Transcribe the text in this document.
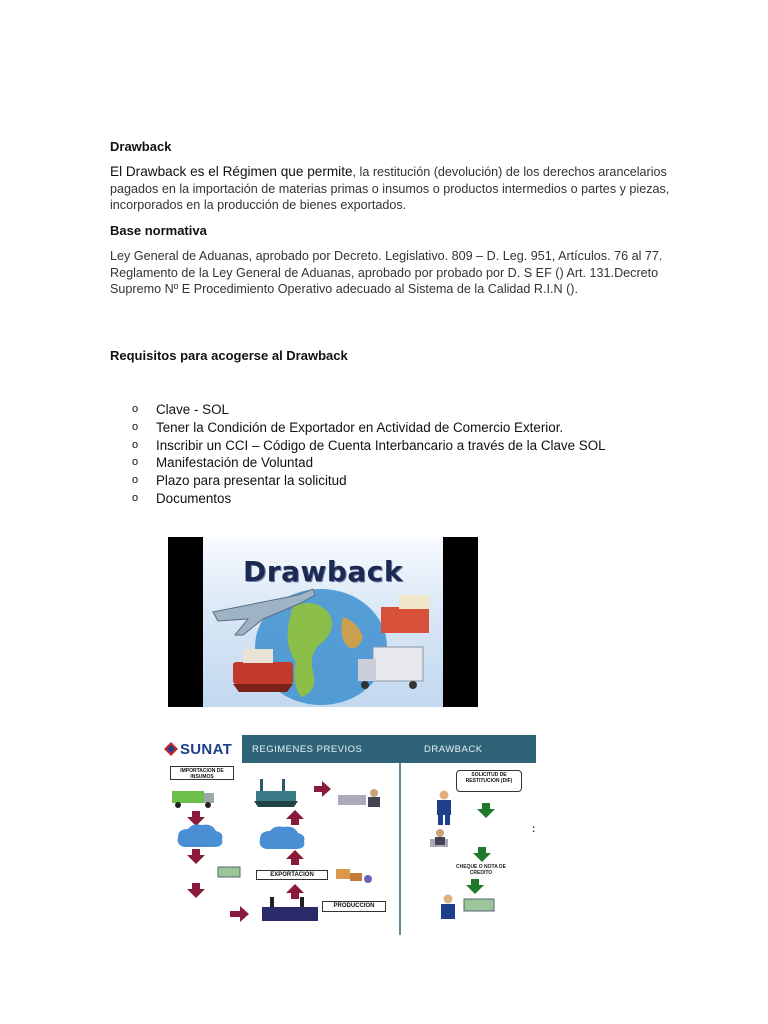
Drawback
El Drawback es el Régimen que permite, la restitución (devolución) de los derechos arancelarios pagados en la importación de materias primas o insumos o productos intermedios o partes y piezas, incorporados en la producción de bienes exportados.
Base normativa
Ley General de Aduanas, aprobado por Decreto. Legislativo. 809 – D. Leg. 951, Artículos. 76 al 77. Reglamento de la Ley General de Aduanas, aprobado por probado por D. S EF () Art. 131.Decreto Supremo Nº E Procedimiento Operativo adecuado al Sistema de la Calidad R.I.N ().
Requisitos para acogerse al Drawback
o Clave - SOL
o Tener la Condición de Exportador en Actividad de Comercio Exterior.
o Inscribir un CCI – Código de Cuenta Interbancario a través de la Clave SOL
o Manifestación de Voluntad
o Plazo para presentar la solicitud
o Documentos
Drawback
SUNAT REGIMENES PREVIOS	DRAWBACK
IMPORTACION DE INSUMOS
EXPORTACION
PRODUCCION
SOLICITUD DE RESTITUCION (DIF)
CHEQUE O NOTA DE CREDITO
:
